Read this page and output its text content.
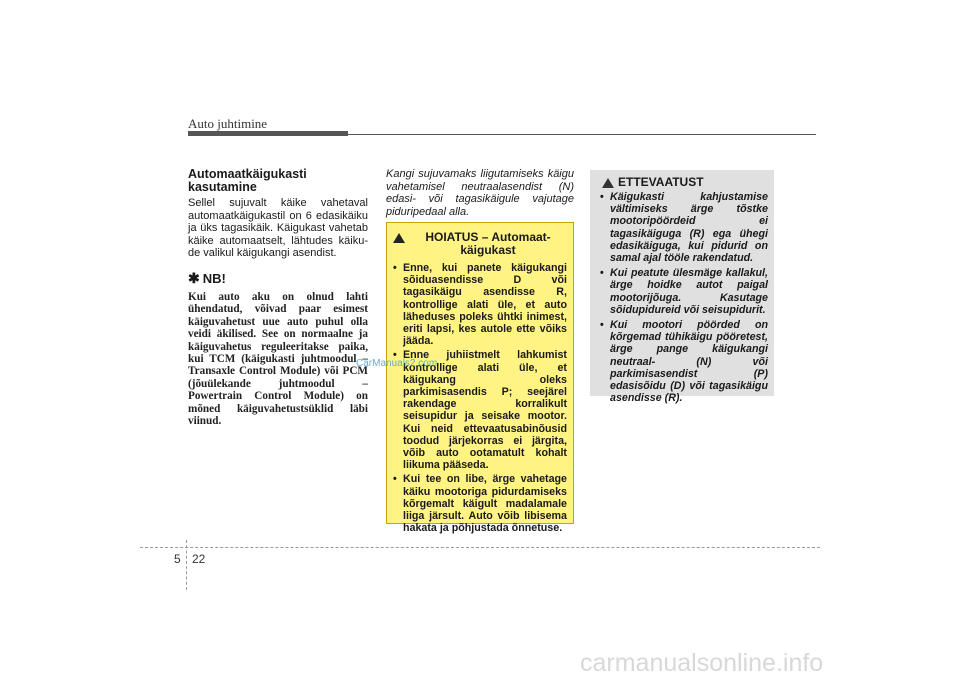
Auto juhtimine
Automaatkäigukasti kasutamine

Sellel sujuvalt käike vahetaval automaatkäigukastil on 6 edasikäiku ja üks tagasikäik. Käigukast vahetab käike automaatselt, lähtudes käiku-de valikul käigukangi asendist.

✱ NB!

Kui auto aku on olnud lahti ühendatud, võivad paar esimest käiguvahetust uue auto puhul olla veidi äkilised. See on normaalne ja käiguvahetus reguleeritakse paika, kui TCM (käigukasti juhtmoodul – Transaxle Control Module) või PCM (jõuülekande juhtmoodul – Powertrain Control Module) on mõned käiguvahetustsüklid läbi viinud.

Kangi sujuvamaks liigutamiseks käigu vahetamisel neutraalasendist (N) edasi- või tagasikäigule vajutage piduripedaal alla.
HOIATUS – Automaat-käigukast
• Enne, kui panete käigukangi sõiduasendisse D või tagasikäigu asendisse R, kontrollige alati üle, et auto läheduses poleks ühtki inimest, eriti lapsi, kes autole ette võiks jääda.
• Enne juhiistmelt lahkumist kontrollige alati üle, et käigukang oleks parkimisasendis P; seejärel rakendage korralikult seisupidur ja seisake mootor. Kui neid ettevaatusabinõusid toodud järjekorras ei järgita, võib auto ootamatult kohalt liikuma pääseda.
• Kui tee on libe, ärge vahetage käiku mootoriga pidurdamiseks kõrgemalt käigult madalamale liiga järsult. Auto võib libisema hakata ja põhjustada õnnetuse.
ETTEVAATUST
• Käigukasti kahjustamise vältimiseks ärge tõstke mootoripöördeid ei tagasikäiguga (R) ega ühegi edasikäiguga, kui pidurid on samal ajal tööle rakendatud.
• Kui peatute ülesmäge kallakul, ärge hoidke autot paigal mootorijõuga. Kasutage sõidupidureid või seisupidurit.
• Kui mootori pöörded on kõrgemad tühikäigu pööretest, ärge pange käigukangi neutraal- (N) või parkimisasendist (P) edasisõidu (D) või tagasikäigu asendisse (R).
5 22
CarManuals2.com
carmanualsonline.info
